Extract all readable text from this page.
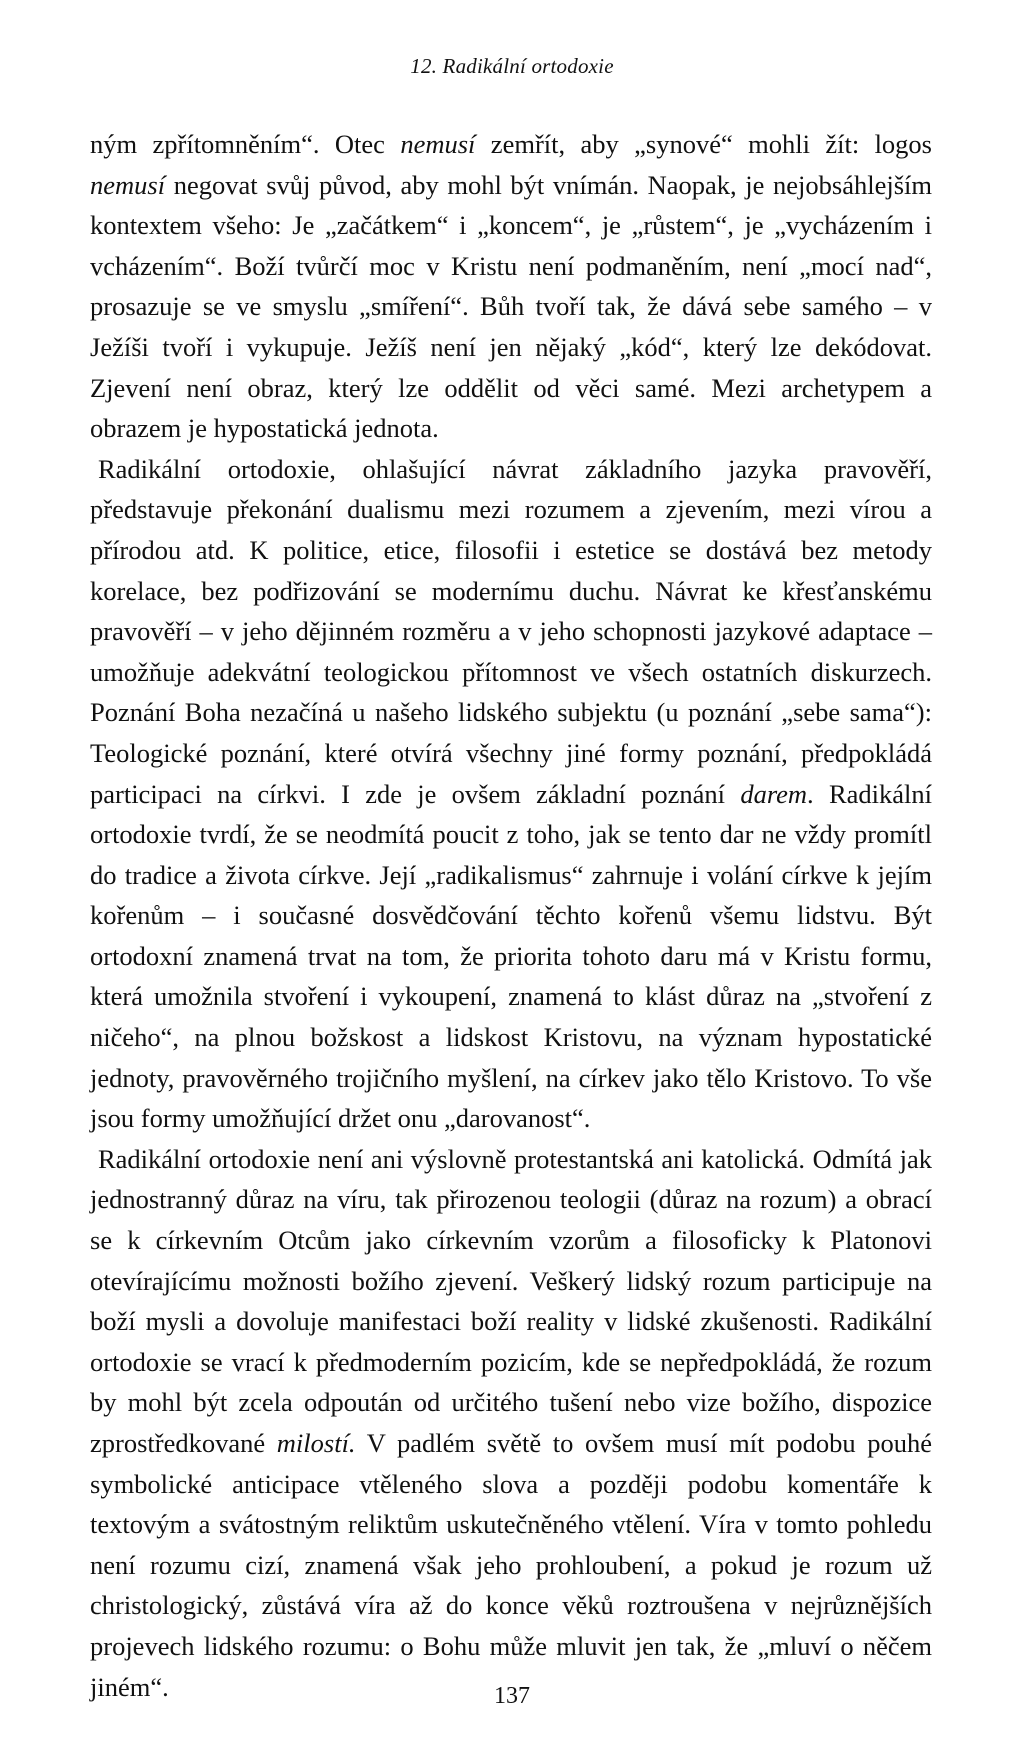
12. Radikální ortodoxie

ným zpřítomněním“. Otec nemusí zemřít, aby „synové“ mohli žít: logos nemusí negovat svůj původ, aby mohl být vnímán. Naopak, je nejobsáhlejším kontextem všeho: Je „začátkem“ i „koncem“, je „růstem“, je „vycházením i vcházením“. Boží tvůrčí moc v Kristu není podmaněním, není „mocí nad“, prosazuje se ve smyslu „smíření“. Bůh tvoří tak, že dává sebe samého – v Ježíši tvoří i vykupuje. Ježíš není jen nějaký „kód“, který lze dekódovat. Zjevení není obraz, který lze oddělit od věci samé. Mezi archetypem a obrazem je hypostatická jednota.

Radikální ortodoxie, ohlašující návrat základního jazyka pravověří, představuje překonání dualismu mezi rozumem a zjevením, mezi vírou a přírodou atd. K politice, etice, filosofii i estetice se dostává bez metody korelace, bez podřizování se modernímu duchu. Návrat ke křesťanskému pravověří – v jeho dějinném rozměru a v jeho schopnosti jazykové adaptace – umožňuje adekvátní teologickou přítomnost ve všech ostatních diskurzech. Poznání Boha nezačíná u našeho lidského subjektu (u poznání „sebe sama“): Teologické poznání, které otvírá všechny jiné formy poznání, předpokládá participaci na církvi. I zde je ovšem základní poznání darem. Radikální ortodoxie tvrdí, že se neodmítá poucit z toho, jak se tento dar ne vždy promítl do tradice a života církve. Její „radikalismus“ zahrnuje i volání církve k jejím kořenům – i současné dosvědčování těchto kořenů všemu lidstvu. Být ortodoxní znamená trvat na tom, že priorita tohoto daru má v Kristu formu, která umožnila stvoření i vykoupení, znamená to klást důraz na „stvoření z ničeho“, na plnou božskost a lidskost Kristovu, na význam hypostatické jednoty, pravověrného trojičního myšlení, na církev jako tělo Kristovo. To vše jsou formy umožňující držet onu „darovanost“.

Radikální ortodoxie není ani výslovně protestantská ani katolická. Odmítá jak jednostranný důraz na víru, tak přirozenou teologii (důraz na rozum) a obrací se k církevním Otcům jako církevním vzorům a filosoficky k Platonovi otevírajícímu možnosti božího zjevení. Veškerý lidský rozum participuje na boží mysli a dovoluje manifestaci boží reality v lidské zkušenosti. Radikální ortodoxie se vrací k předmoderním pozicím, kde se nepředpokládá, že rozum by mohl být zcela odpoután od určitého tušení nebo vize božího, dispozice zprostředkované milostí. V padlém světě to ovšem musí mít podobu pouhé symbolické anticipace vtěleného slova a později podobu komentáře k textovým a svátostným reliktům uskutečněného vtělení. Víra v tomto pohledu není rozumu cizí, znamená však jeho prohloubení, a pokud je rozum už christologický, zůstává víra až do konce věků roztroušena v nejrůznějších projevech lidského rozumu: o Bohu může mluvit jen tak, že „mluví o něčem jiném“.	137
